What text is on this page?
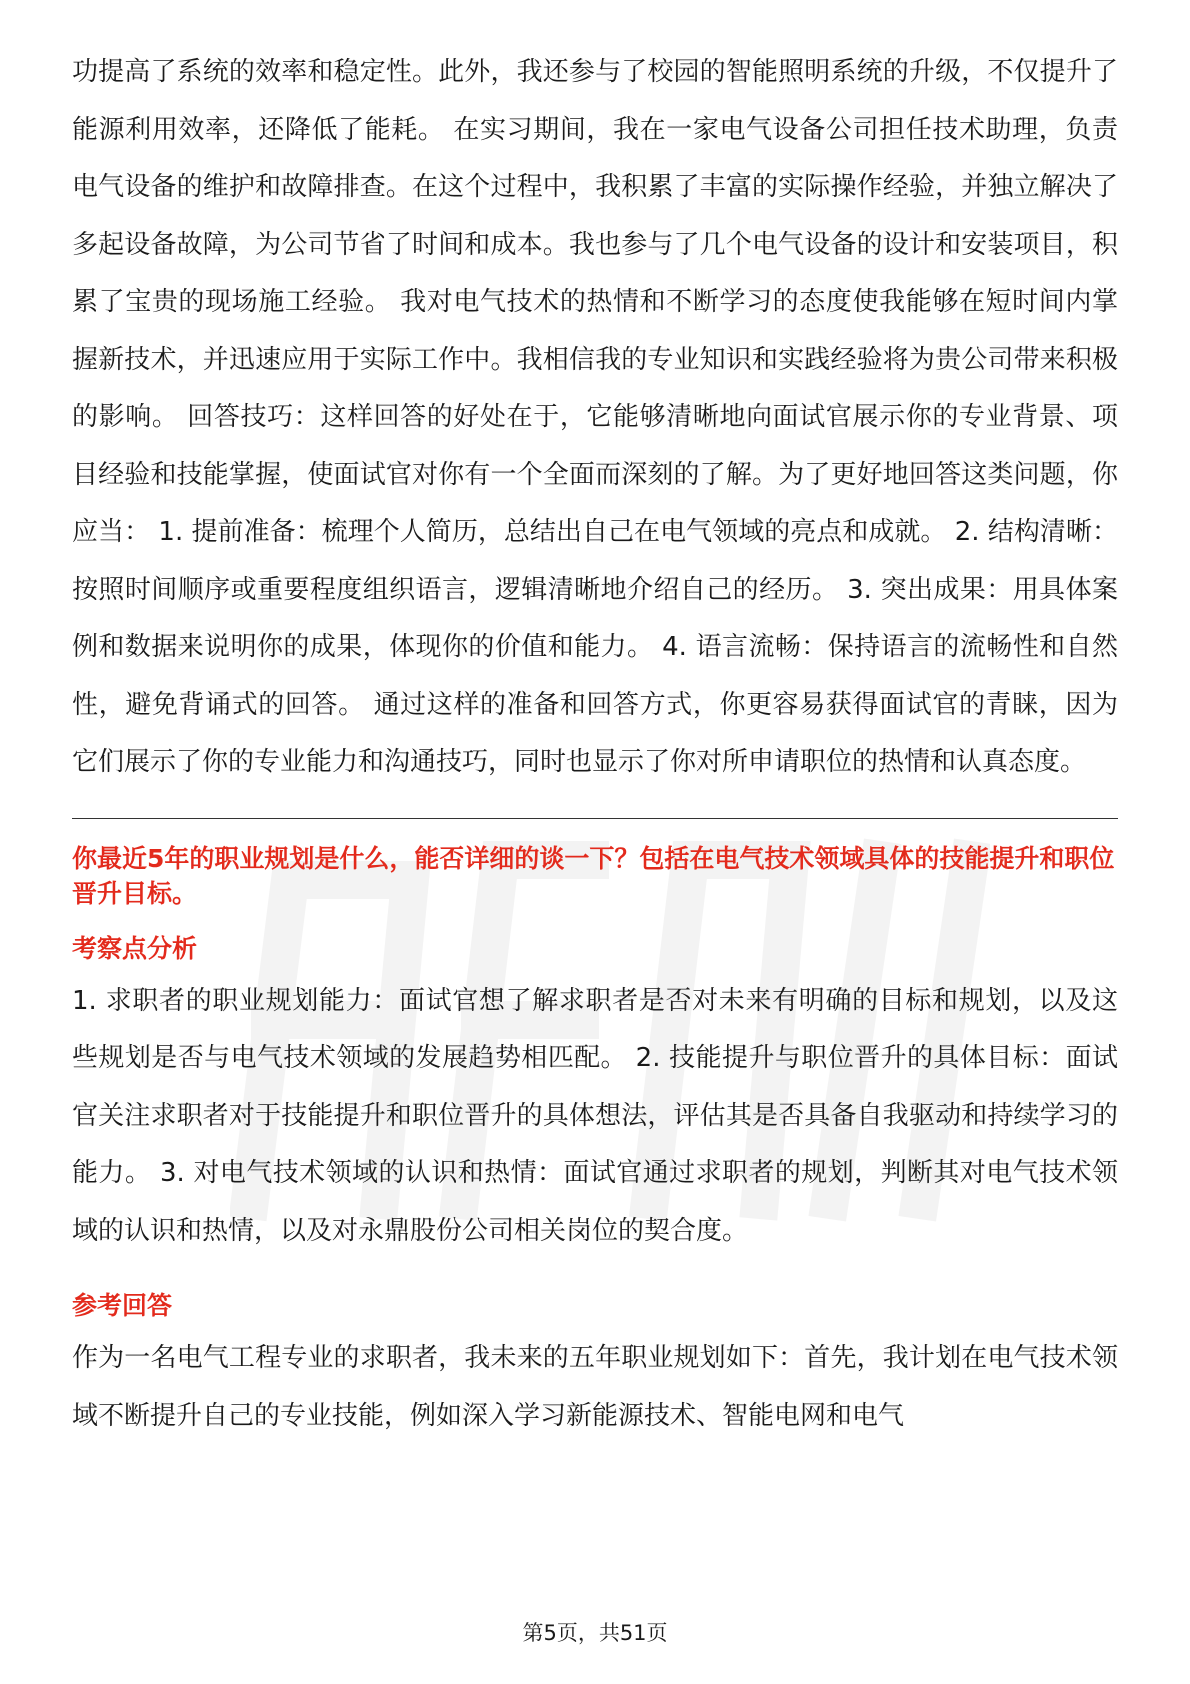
功提高了系统的效率和稳定性。此外，我还参与了校园的智能照明系统的升级，不仅提升了能源利用效率，还降低了能耗。 在实习期间，我在一家电气设备公司担任技术助理，负责电气设备的维护和故障排查。在这个过程中，我积累了丰富的实际操作经验，并独立解决了多起设备故障，为公司节省了时间和成本。我也参与了几个电气设备的设计和安装项目，积累了宝贵的现场施工经验。 我对电气技术的热情和不断学习的态度使我能够在短时间内掌握新技术，并迅速应用于实际工作中。我相信我的专业知识和实践经验将为贵公司带来积极的影响。 回答技巧：这样回答的好处在于，它能够清晰地向面试官展示你的专业背景、项目经验和技能掌握，使面试官对你有一个全面而深刻的了解。为了更好地回答这类问题，你应当： 1. 提前准备：梳理个人简历，总结出自己在电气领域的亮点和成就。 2. 结构清晰：按照时间顺序或重要程度组织语言，逻辑清晰地介绍自己的经历。 3. 突出成果：用具体案例和数据来说明你的成果，体现你的价值和能力。 4. 语言流畅：保持语言的流畅性和自然性，避免背诵式的回答。 通过这样的准备和回答方式，你更容易获得面试官的青睐，因为它们展示了你的专业能力和沟通技巧，同时也显示了你对所申请职位的热情和认真态度。

你最近5年的职业规划是什么，能否详细的谈一下？包括在电气技术领域具体的技能提升和职位晋升目标。

考察点分析

1. 求职者的职业规划能力：面试官想了解求职者是否对未来有明确的目标和规划，以及这些规划是否与电气技术领域的发展趋势相匹配。 2. 技能提升与职位晋升的具体目标：面试官关注求职者对于技能提升和职位晋升的具体想法，评估其是否具备自我驱动和持续学习的能力。 3. 对电气技术领域的认识和热情：面试官通过求职者的规划，判断其对电气技术领域的认识和热情，以及对永鼎股份公司相关岗位的契合度。

参考回答

作为一名电气工程专业的求职者，我未来的五年职业规划如下：首先，我计划在电气技术领域不断提升自己的专业技能，例如深入学习新能源技术、智能电网和电气

第5页，共51页
